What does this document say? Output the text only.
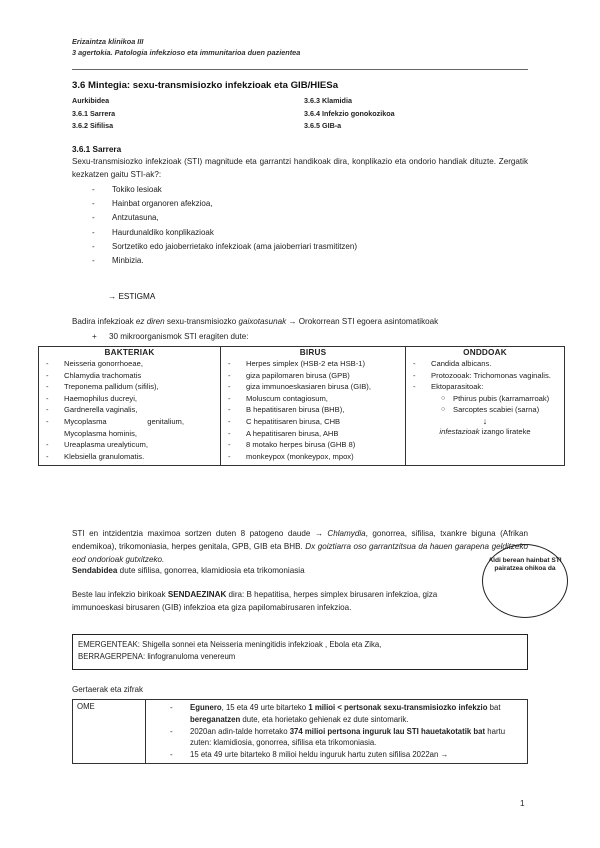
Erizaintza klinikoa III
3 agertokia. Patologia infekzioso eta immunitarioa duen pazientea
3.6 Mintegia: sexu-transmisiozko infekzioak eta GIB/HIESa
Aurkibidea
3.6.1 Sarrera
3.6.2 Sifilisa
3.6.3 Klamidia
3.6.4 Infekzio gonokozikoa
3.6.5 GIB-a
3.6.1 Sarrera
Sexu-transmisiozko infekzioak (STI) magnitude eta garrantzi handikoak dira, konplikazio eta ondorio handiak dituzte. Zergatik kezkatzen gaitu STI-ak?:
- Tokiko lesioak
- Hainbat organoren afekzioa,
- Antzutasuna,
- Haurdunaldiko konplikazioak
- Sortzetiko edo jaioberrietako infekzioak (ama jaioberriari trasmititzen)
- Minbizia.
→ ESTIGMA
Badira infekzioak ez diren sexu-transmisiozko gaixotasunak → Orokorrean STI egoera asintomatikoak
+ 30 mikroorganismok STI eragiten dute:
BAKTERIAK
- Neisseria gonorrhoeae,
- Chlamydia trachomatis
- Treponema pallidum (sifilis),
- Haemophilus ducreyi,
- Gardnerella vaginalis,
- Mycoplasma genitalium, Mycoplasma hominis,
- Ureaplasma urealyticum,
- Klebsiella granulomatis.

BIRUS
- Herpes simplex (HSB-2 eta HSB-1)
- giza papilomaren birusa (GPB)
- giza immunoeskasiaren birusa (GIB),
- Moluscum contagiosum,
- B hepatitisaren birusa (BHB),
- C hepatitisaren birusa, CHB
- A hepatitisaren birusa, AHB
- 8 motako herpes birusa (GHB 8)
- monkeypox (monkeypox, mpox)

ONDDOAK
- Candida albicans.
- Protozooak: Trichomonas vaginalis.
- Ektoparasitoak:
○ Pthirus pubis (karramarroak)
○ Sarcoptes scabiei (sarna)
↓
infestazioak izango lirateke
STI en intzidentzia maximoa sortzen duten 8 patogeno daude → Chlamydia, gonorrea, sifilisa, txankre biguna (Afrikan endemikoa), trikomoniasia, herpes genitala, GPB, GIB eta BHB. Dx goiztiarra oso garrantzitsua da hauen garapena gelditzeko eod ondorioak gutxitzeko.	Aldi berean hainbat STI pairatzea ohikoa da
Sendabidea dute sifilisa, gonorrea, klamidiosia eta trikomoniasia
Beste lau infekzio birikoak SENDAEZINAK dira: B hepatitisa, herpes simplex birusaren infekzioa, giza immunoeskasi birusaren (GIB) infekzioa eta giza papilomabirusaren infekzioa.
EMERGENTEAK: Shigella sonnei eta Neisseria meningitidis infekzioak , Ebola eta Zika,
BERRAGERPENA: linfogranuloma venereum
Gertaerak eta zifrak
OME	
-Egunero, 15 eta 49 urte bitarteko 1 milioi < pertsonak sexu-transmisiozko infekzio bat bereganatzen dute, eta horietako gehienak ez dute sintomarik.
- 2020an adin-talde horretako 374 milioi pertsona inguruk lau STI hauetakotatik bat hartu zuten: klamidiosia, gonorrea, sifilisa eta trikomoniasia.
- 15 eta 49 urte bitarteko 8 milioi heldu inguruk hartu zuten sifilisa 2022an →
1
